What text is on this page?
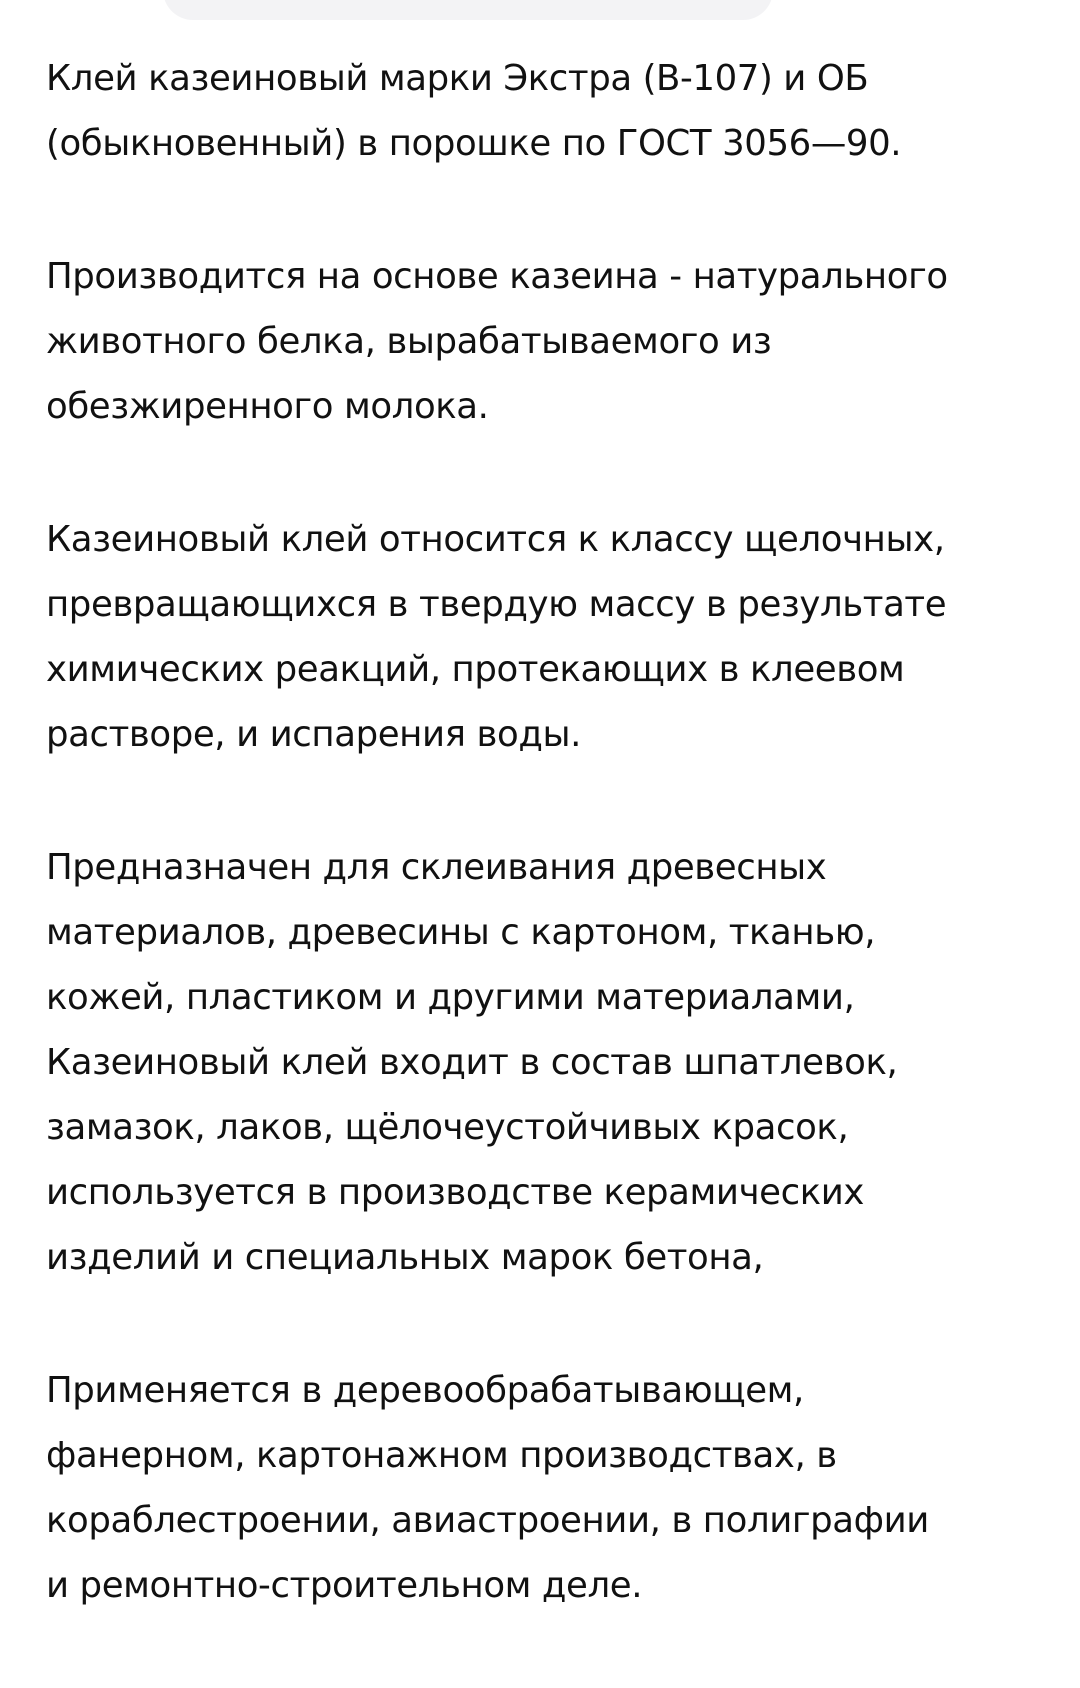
Клей казеиновый марки Экстра (В-107) и ОБ
(обыкновенный) в порошке по ГОСТ 3056—90.

Производится на основе казеина - натурального
животного белка, вырабатываемого из
обезжиренного молока.

Казеиновый клей относится к классу щелочных,
превращающихся в твердую массу в результате
химических реакций, протекающих в клеевом
растворе, и испарения воды.

Предназначен для склеивания древесных
материалов, древесины с картоном, тканью,
кожей, пластиком и другими материалами,
Казеиновый клей входит в состав шпатлевок,
замазок, лаков, щёлочеустойчивых красок,
используется в производстве керамических
изделий и специальных марок бетона,

Применяется в деревообрабатывающем,
фанерном, картонажном производствах, в
кораблестроении, авиастроении, в полиграфии
и ремонтно-строительном деле.
